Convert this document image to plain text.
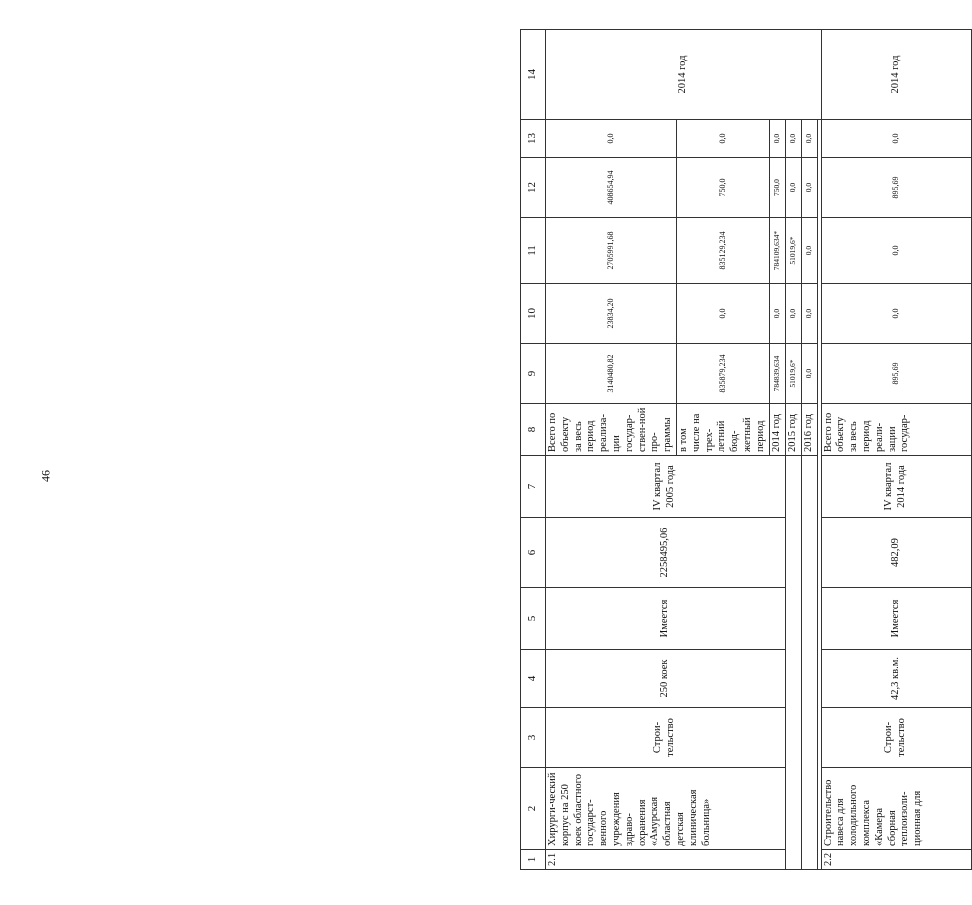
46
1	2	3	4	5	6	7	8	9	10	11	12	13	14
2.1	Хирурги-ческий корпус на 250 коек областного государст-венного учреждения здраво-охранения «Амурская областная детская клиническая больница»	Строи-тельство	250 коек	Имеется	2258495,06	IV квартал 2005 года	Всего по объекту за весь период реализа-ции государ-ствен-ной про-граммы	3140480,82	23834,20	2705991,68	408654,94	0,0	2014 год
							в том числе на трех-летний бюд-жетный период	835879,234	0,0	835129,234	750,0	0,0	
							2014 год	784839,634	0,0	784109,634*	750,0	0,0	
							2015 год	51019,6*	0,0	51019,6*	0,0	0,0	
							2016 год	0,0	0,0	0,0	0,0	0,0	

2.2	Строительство навеса для холодильного комплекса «Камера сборная теплоизоли-ционная для	Строи-тельство	42,3 кв.м.	Имеется	482,09	IV квартал 2014 года	Всего по объекту за весь период реали-зации государ-	895,69	0,0	0,0	895,69	0,0	2014 год
